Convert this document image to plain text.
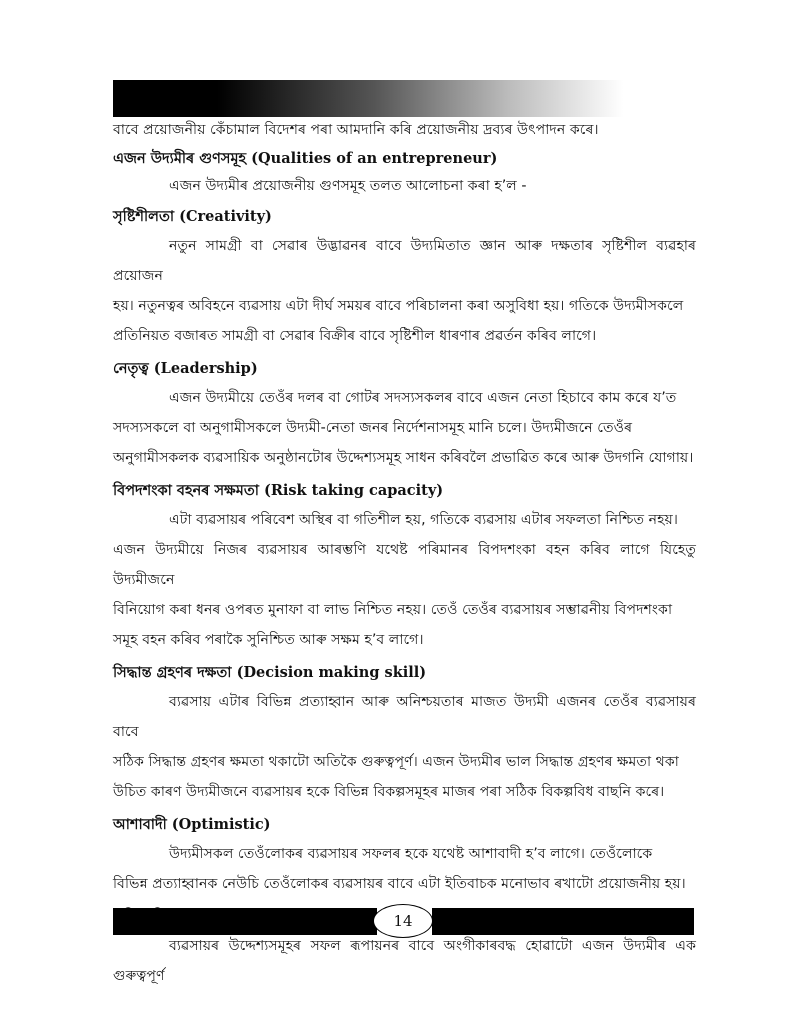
বাবে প্ৰয়োজনীয় কেঁচামাল বিদেশৰ পৰা আমদানি কৰি প্ৰয়োজনীয় দ্ৰব্যৰ উৎপাদন কৰে।

এজন উদ্যমীৰ গুণসমূহ (Qualities of an entrepreneur)

এজন উদ্যমীৰ প্ৰয়োজনীয় গুণসমূহ তলত আলোচনা কৰা হ’ল -

সৃষ্টিশীলতা (Creativity)

নতুন সামগ্ৰী বা সেৱাৰ উদ্ভাৱনৰ বাবে উদ্যমিতাত জ্ঞান আৰু দক্ষতাৰ সৃষ্টিশীল ব্যৱহাৰ প্ৰয়োজন

হয়। নতুনত্বৰ অবিহনে ব্যৱসায় এটা দীৰ্ঘ সময়ৰ বাবে পৰিচালনা কৰা অসুবিধা হয়। গতিকে উদ্যমীসকলে

প্ৰতিনিয়ত বজাৰত সামগ্ৰী বা সেৱাৰ বিক্ৰীৰ বাবে সৃষ্টিশীল ধাৰণাৰ প্ৰৱৰ্তন কৰিব লাগে।

নেতৃত্ব (Leadership)

এজন উদ্যমীয়ে তেওঁৰ দলৰ বা গোটৰ সদস্যসকলৰ বাবে এজন নেতা হিচাবে কাম কৰে য’ত

সদস্যসকলে বা অনুগামীসকলে উদ্যমী-নেতা জনৰ নিৰ্দেশনাসমূহ মানি চলে। উদ্যমীজনে তেওঁৰ

অনুগামীসকলক ব্যৱসায়িক অনুষ্ঠানটোৰ উদ্দেশ্যসমূহ সাধন কৰিবলৈ প্ৰভাৱিত কৰে আৰু উদগনি যোগায়।

বিপদশংকা বহনৰ সক্ষমতা (Risk taking capacity)

এটা ব্যৱসায়ৰ পৰিবেশ অস্থিৰ বা গতিশীল হয়, গতিকে ব্যৱসায় এটাৰ সফলতা নিশ্চিত নহয়।

এজন উদ্যমীয়ে নিজৰ ব্যৱসায়ৰ আৰম্ভণি যথেষ্ট পৰিমানৰ বিপদশংকা বহন কৰিব লাগে যিহেতু উদ্যমীজনে

বিনিয়োগ কৰা ধনৰ ওপৰত মুনাফা বা লাভ নিশ্চিত নহয়। তেওঁ তেওঁৰ ব্যৱসায়ৰ সম্ভাৱনীয় বিপদশংকা

সমূহ বহন কৰিব পৰাকৈ সুনিশ্চিত আৰু সক্ষম হ’ব লাগে।

সিদ্ধান্ত গ্ৰহণৰ দক্ষতা (Decision making skill)

ব্যৱসায় এটাৰ বিভিন্ন প্ৰত্যাহ্বান আৰু অনিশ্চয়তাৰ মাজত উদ্যমী এজনৰ তেওঁৰ ব্যৱসায়ৰ বাবে

সঠিক সিদ্ধান্ত গ্ৰহণৰ ক্ষমতা থকাটো অতিকৈ গুৰুত্বপূৰ্ণ। এজন উদ্যমীৰ ভাল সিদ্ধান্ত গ্ৰহণৰ ক্ষমতা থকা

উচিত কাৰণ উদ্যমীজনে ব্যৱসায়ৰ হকে বিভিন্ন বিকল্পসমূহৰ মাজৰ পৰা সঠিক বিকল্পবিধ বাছনি কৰে।

আশাবাদী (Optimistic)

উদ্যমীসকল তেওঁলোকৰ ব্যৱসায়ৰ সফলৰ হকে যথেষ্ট আশাবাদী হ’ব লাগে। তেওঁলোকে

বিভিন্ন প্ৰত্যাহ্বানক নেউচি তেওঁলোকৰ ব্যৱসায়ৰ বাবে এটা ইতিবাচক মনোভাব ৰখাটো প্ৰয়োজনীয় হয়।

ব্যৱসায়ৰ উদ্দেশ্যসমূহৰ সফল ৰূপায়নৰ বাবে অংগীকাৰবদ্ধ হোৱাটো এজন উদ্যমীৰ এক গুৰুত্বপূৰ্ণ

14
